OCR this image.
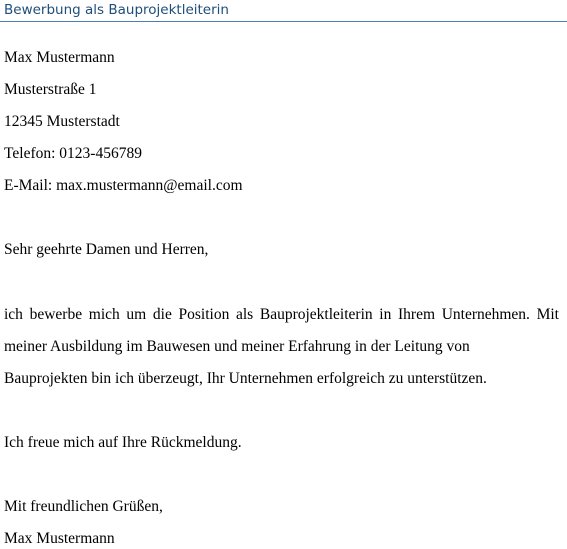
Bewerbung als Bauprojektleiterin
Max Mustermann
Musterstraße 1
12345 Musterstadt
Telefon: 0123-456789
E-Mail: max.mustermann@email.com
Sehr geehrte Damen und Herren,
ich bewerbe mich um die Position als Bauprojektleiterin in Ihrem Unternehmen. Mit
meiner Ausbildung im Bauwesen und meiner Erfahrung in der Leitung von
Bauprojekten bin ich überzeugt, Ihr Unternehmen erfolgreich zu unterstützen.
Ich freue mich auf Ihre Rückmeldung.
Mit freundlichen Grüßen,
Max Mustermann
